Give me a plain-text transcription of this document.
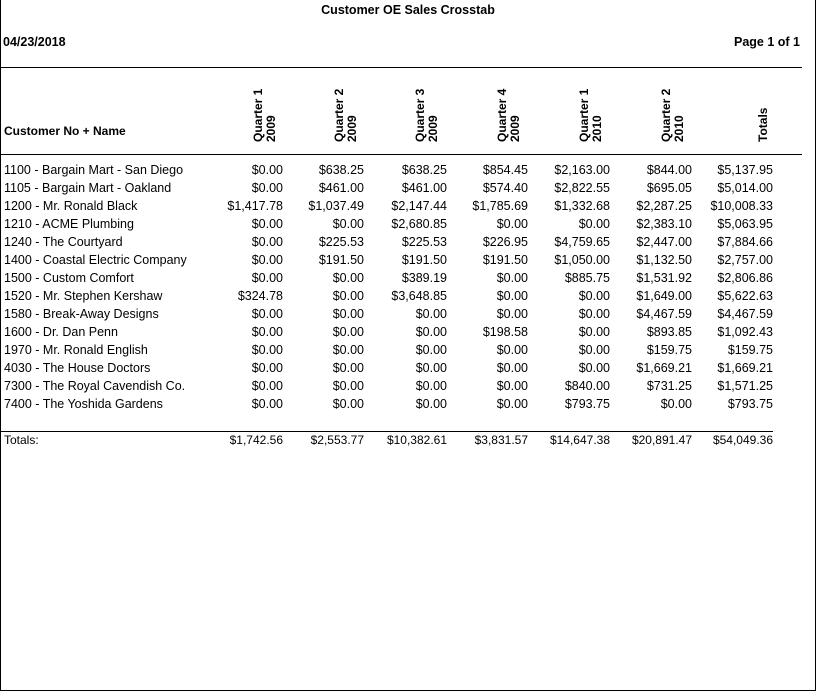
Customer OE Sales Crosstab
04/23/2018	Page 1 of 1
Customer No + Name	Quarter 1 2009	Quarter 2 2009	Quarter 3 2009	Quarter 4 2009	Quarter 1 2010	Quarter 2 2010	Totals
1100 - Bargain Mart - San Diego	$0.00	$638.25	$638.25	$854.45	$2,163.00	$844.00	$5,137.95
1105 - Bargain Mart - Oakland	$0.00	$461.00	$461.00	$574.40	$2,822.55	$695.05	$5,014.00
1200 - Mr. Ronald Black	$1,417.78	$1,037.49	$2,147.44	$1,785.69	$1,332.68	$2,287.25	$10,008.33
1210 - ACME Plumbing	$0.00	$0.00	$2,680.85	$0.00	$0.00	$2,383.10	$5,063.95
1240 - The Courtyard	$0.00	$225.53	$225.53	$226.95	$4,759.65	$2,447.00	$7,884.66
1400 - Coastal Electric Company	$0.00	$191.50	$191.50	$191.50	$1,050.00	$1,132.50	$2,757.00
1500 - Custom Comfort	$0.00	$0.00	$389.19	$0.00	$885.75	$1,531.92	$2,806.86
1520 - Mr. Stephen Kershaw	$324.78	$0.00	$3,648.85	$0.00	$0.00	$1,649.00	$5,622.63
1580 - Break-Away Designs	$0.00	$0.00	$0.00	$0.00	$0.00	$4,467.59	$4,467.59
1600 - Dr. Dan Penn	$0.00	$0.00	$0.00	$198.58	$0.00	$893.85	$1,092.43
1970 - Mr. Ronald English	$0.00	$0.00	$0.00	$0.00	$0.00	$159.75	$159.75
4030 - The House Doctors	$0.00	$0.00	$0.00	$0.00	$0.00	$1,669.21	$1,669.21
7300 - The Royal Cavendish Co.	$0.00	$0.00	$0.00	$0.00	$840.00	$731.25	$1,571.25
7400 - The Yoshida Gardens	$0.00	$0.00	$0.00	$0.00	$793.75	$0.00	$793.75
Totals:	$1,742.56	$2,553.77	$10,382.61	$3,831.57	$14,647.38	$20,891.47	$54,049.36
